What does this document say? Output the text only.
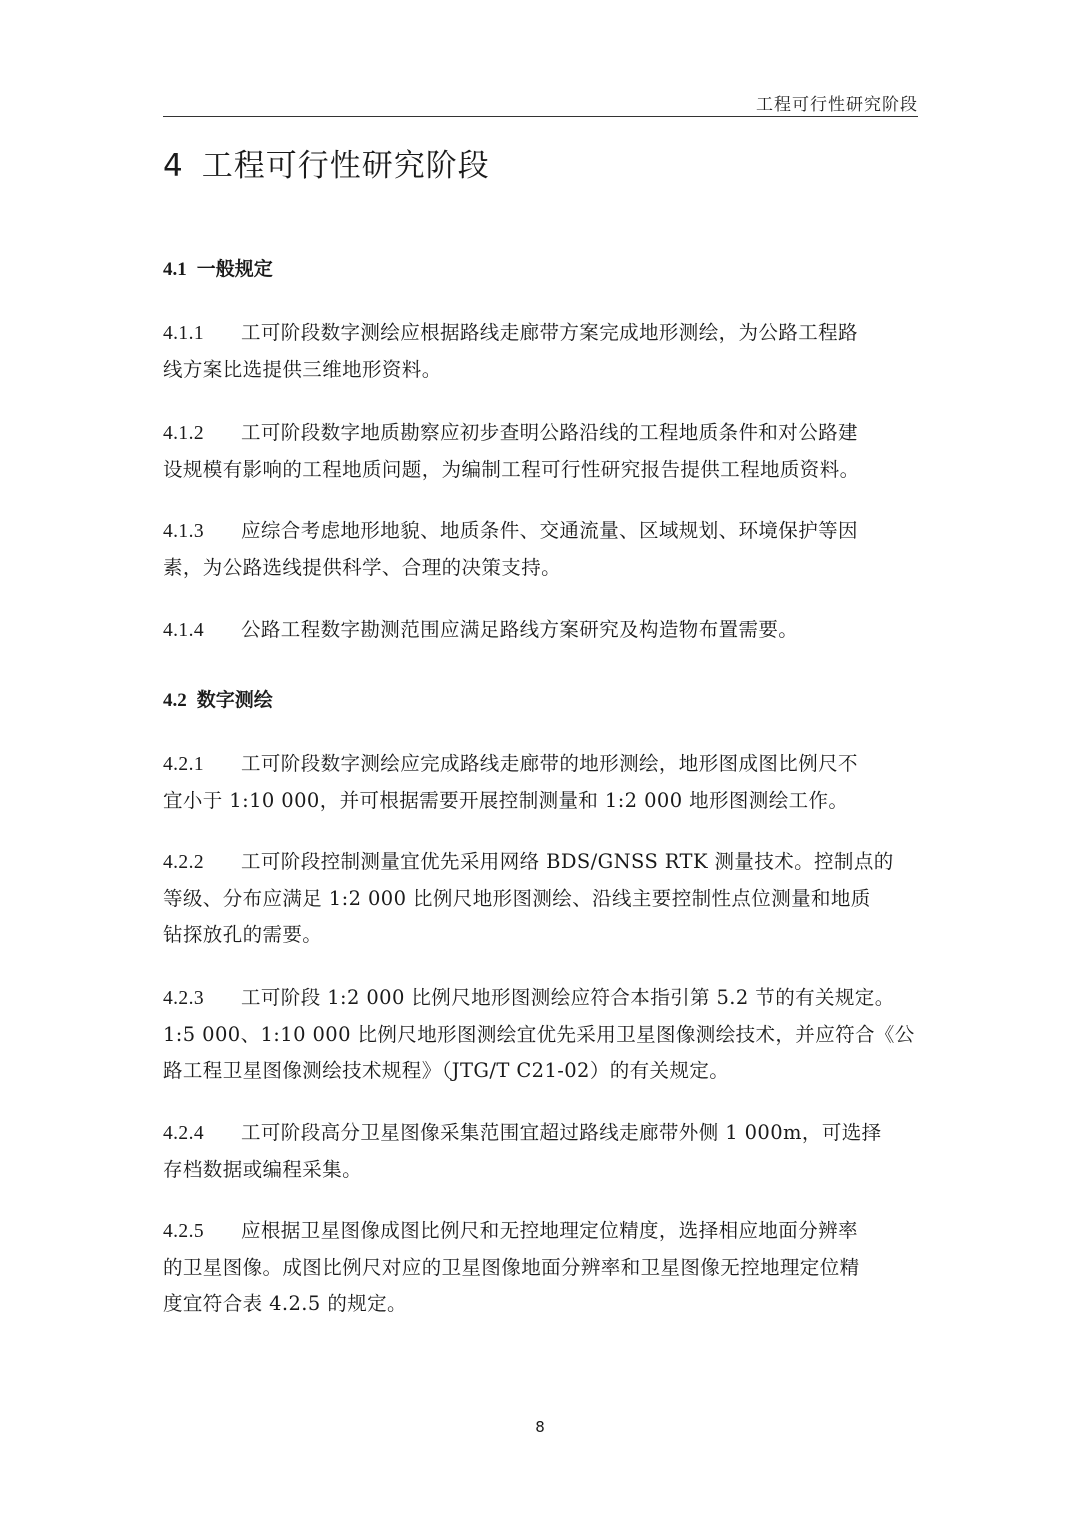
工程可行性研究阶段
4 工程可行性研究阶段
4.1 一般规定
4.1.1 工可阶段数字测绘应根据路线走廊带方案完成地形测绘，为公路工程路
线方案比选提供三维地形资料。
4.1.2 工可阶段数字地质勘察应初步查明公路沿线的工程地质条件和对公路建
设规模有影响的工程地质问题，为编制工程可行性研究报告提供工程地质资料。
4.1.3 应综合考虑地形地貌、地质条件、交通流量、区域规划、环境保护等因
素，为公路选线提供科学、合理的决策支持。
4.1.4 公路工程数字勘测范围应满足路线方案研究及构造物布置需要。
4.2 数字测绘
4.2.1 工可阶段数字测绘应完成路线走廊带的地形测绘，地形图成图比例尺不
宜小于 1:10 000，并可根据需要开展控制测量和 1:2 000 地形图测绘工作。
4.2.2 工可阶段控制测量宜优先采用网络 BDS/GNSS RTK 测量技术。控制点的
等级、分布应满足 1:2 000 比例尺地形图测绘、沿线主要控制性点位测量和地质
钻探放孔的需要。
4.2.3 工可阶段 1:2 000 比例尺地形图测绘应符合本指引第 5.2 节的有关规定。
1:5 000、1:10 000 比例尺地形图测绘宜优先采用卫星图像测绘技术，并应符合《公
路工程卫星图像测绘技术规程》（JTG/T C21-02）的有关规定。
4.2.4 工可阶段高分卫星图像采集范围宜超过路线走廊带外侧 1 000m，可选择
存档数据或编程采集。
4.2.5 应根据卫星图像成图比例尺和无控地理定位精度，选择相应地面分辨率
的卫星图像。成图比例尺对应的卫星图像地面分辨率和卫星图像无控地理定位精
度宜符合表 4.2.5 的规定。
8
